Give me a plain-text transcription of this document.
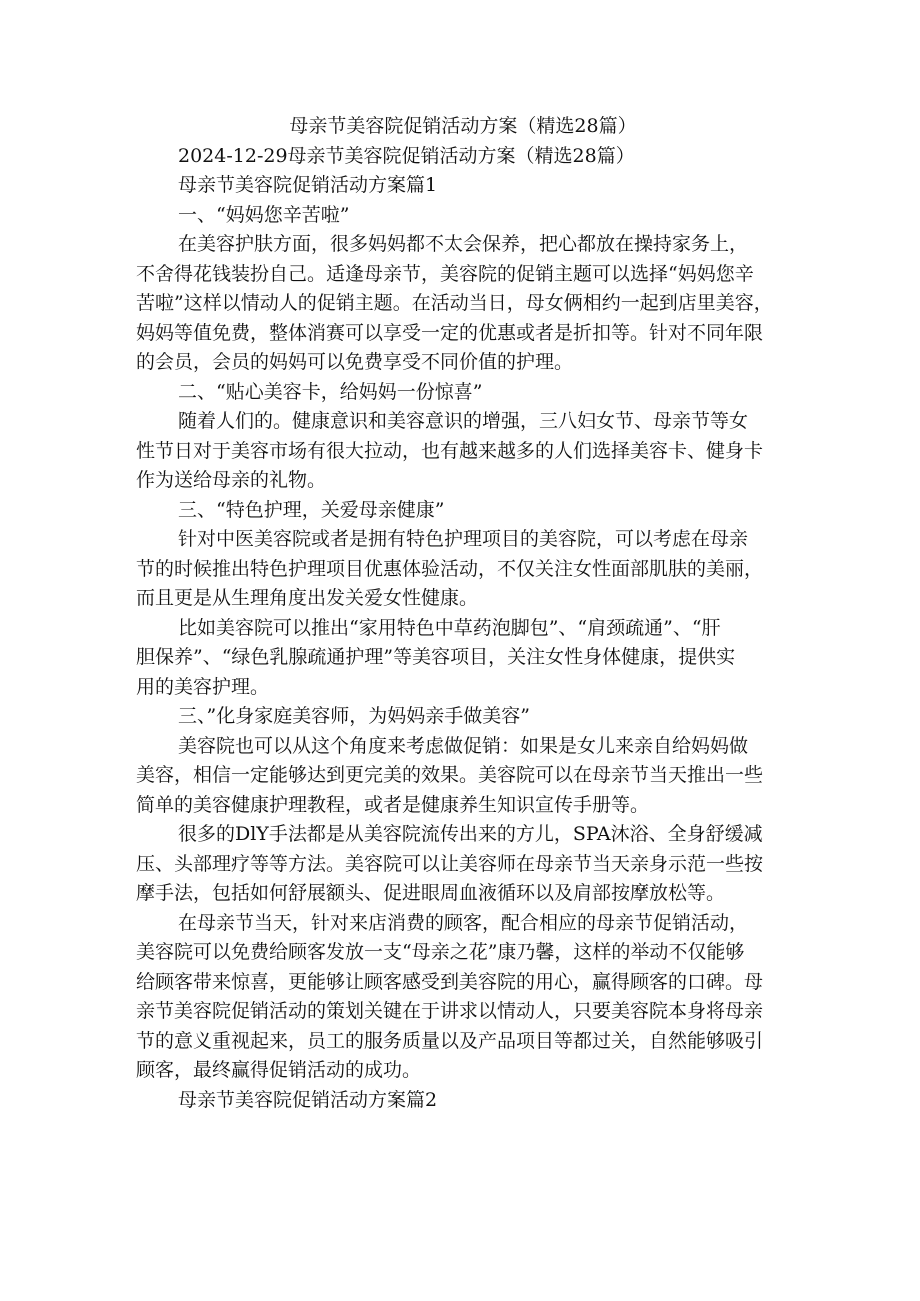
母亲节美容院促销活动方案（精选28篇）

2024-12-29母亲节美容院促销活动方案（精选28篇）

母亲节美容院促销活动方案篇1

一、“妈妈您辛苦啦”

在美容护肤方面，很多妈妈都不太会保养，把心都放在操持家务上，
不舍得花钱装扮自己。适逢母亲节，美容院的促销主题可以选择“妈妈您辛
苦啦”这样以情动人的促销主题。在活动当日，母女俩相约一起到店里美容，
妈妈等值免费，整体消赛可以享受一定的优惠或者是折扣等。针对不同年限
的会员，会员的妈妈可以免费享受不同价值的护理。

二、“贴心美容卡，给妈妈一份惊喜”

随着人们的。健康意识和美容意识的增强，三八妇女节、母亲节等女
性节日对于美容市场有很大拉动，也有越来越多的人们选择美容卡、健身卡
作为送给母亲的礼物。

三、“特色护理，关爱母亲健康”

针对中医美容院或者是拥有特色护理项目的美容院，可以考虑在母亲
节的时候推出特色护理项目优惠体验活动，不仅关注女性面部肌肤的美丽，
而且更是从生理角度出发关爱女性健康。
比如美容院可以推出“家用特色中草药泡脚包”、“肩颈疏通”、“肝
胆保养”、“绿色乳腺疏通护理”等美容项目，关注女性身体健康，提供实
用的美容护理。

三、”化身家庭美容师，为妈妈亲手做美容”

美容院也可以从这个角度来考虑做促销：如果是女儿来亲自给妈妈做
美容，相信一定能够达到更完美的效果。美容院可以在母亲节当天推出一些
简单的美容健康护理教程，或者是健康养生知识宣传手册等。
很多的DlY手法都是从美容院流传出来的方儿，SPA沐浴、全身舒缓减
压、头部理疗等等方法。美容院可以让美容师在母亲节当天亲身示范一些按
摩手法，包括如何舒展额头、促进眼周血液循环以及肩部按摩放松等。
在母亲节当天，针对来店消费的顾客，配合相应的母亲节促销活动，
美容院可以免费给顾客发放一支“母亲之花”康乃馨，这样的举动不仅能够
给顾客带来惊喜，更能够让顾客感受到美容院的用心，赢得顾客的口碑。母
亲节美容院促销活动的策划关键在于讲求以情动人，只要美容院本身将母亲
节的意义重视起来，员工的服务质量以及产品项目等都过关，自然能够吸引
顾客，最终赢得促销活动的成功。

母亲节美容院促销活动方案篇2
